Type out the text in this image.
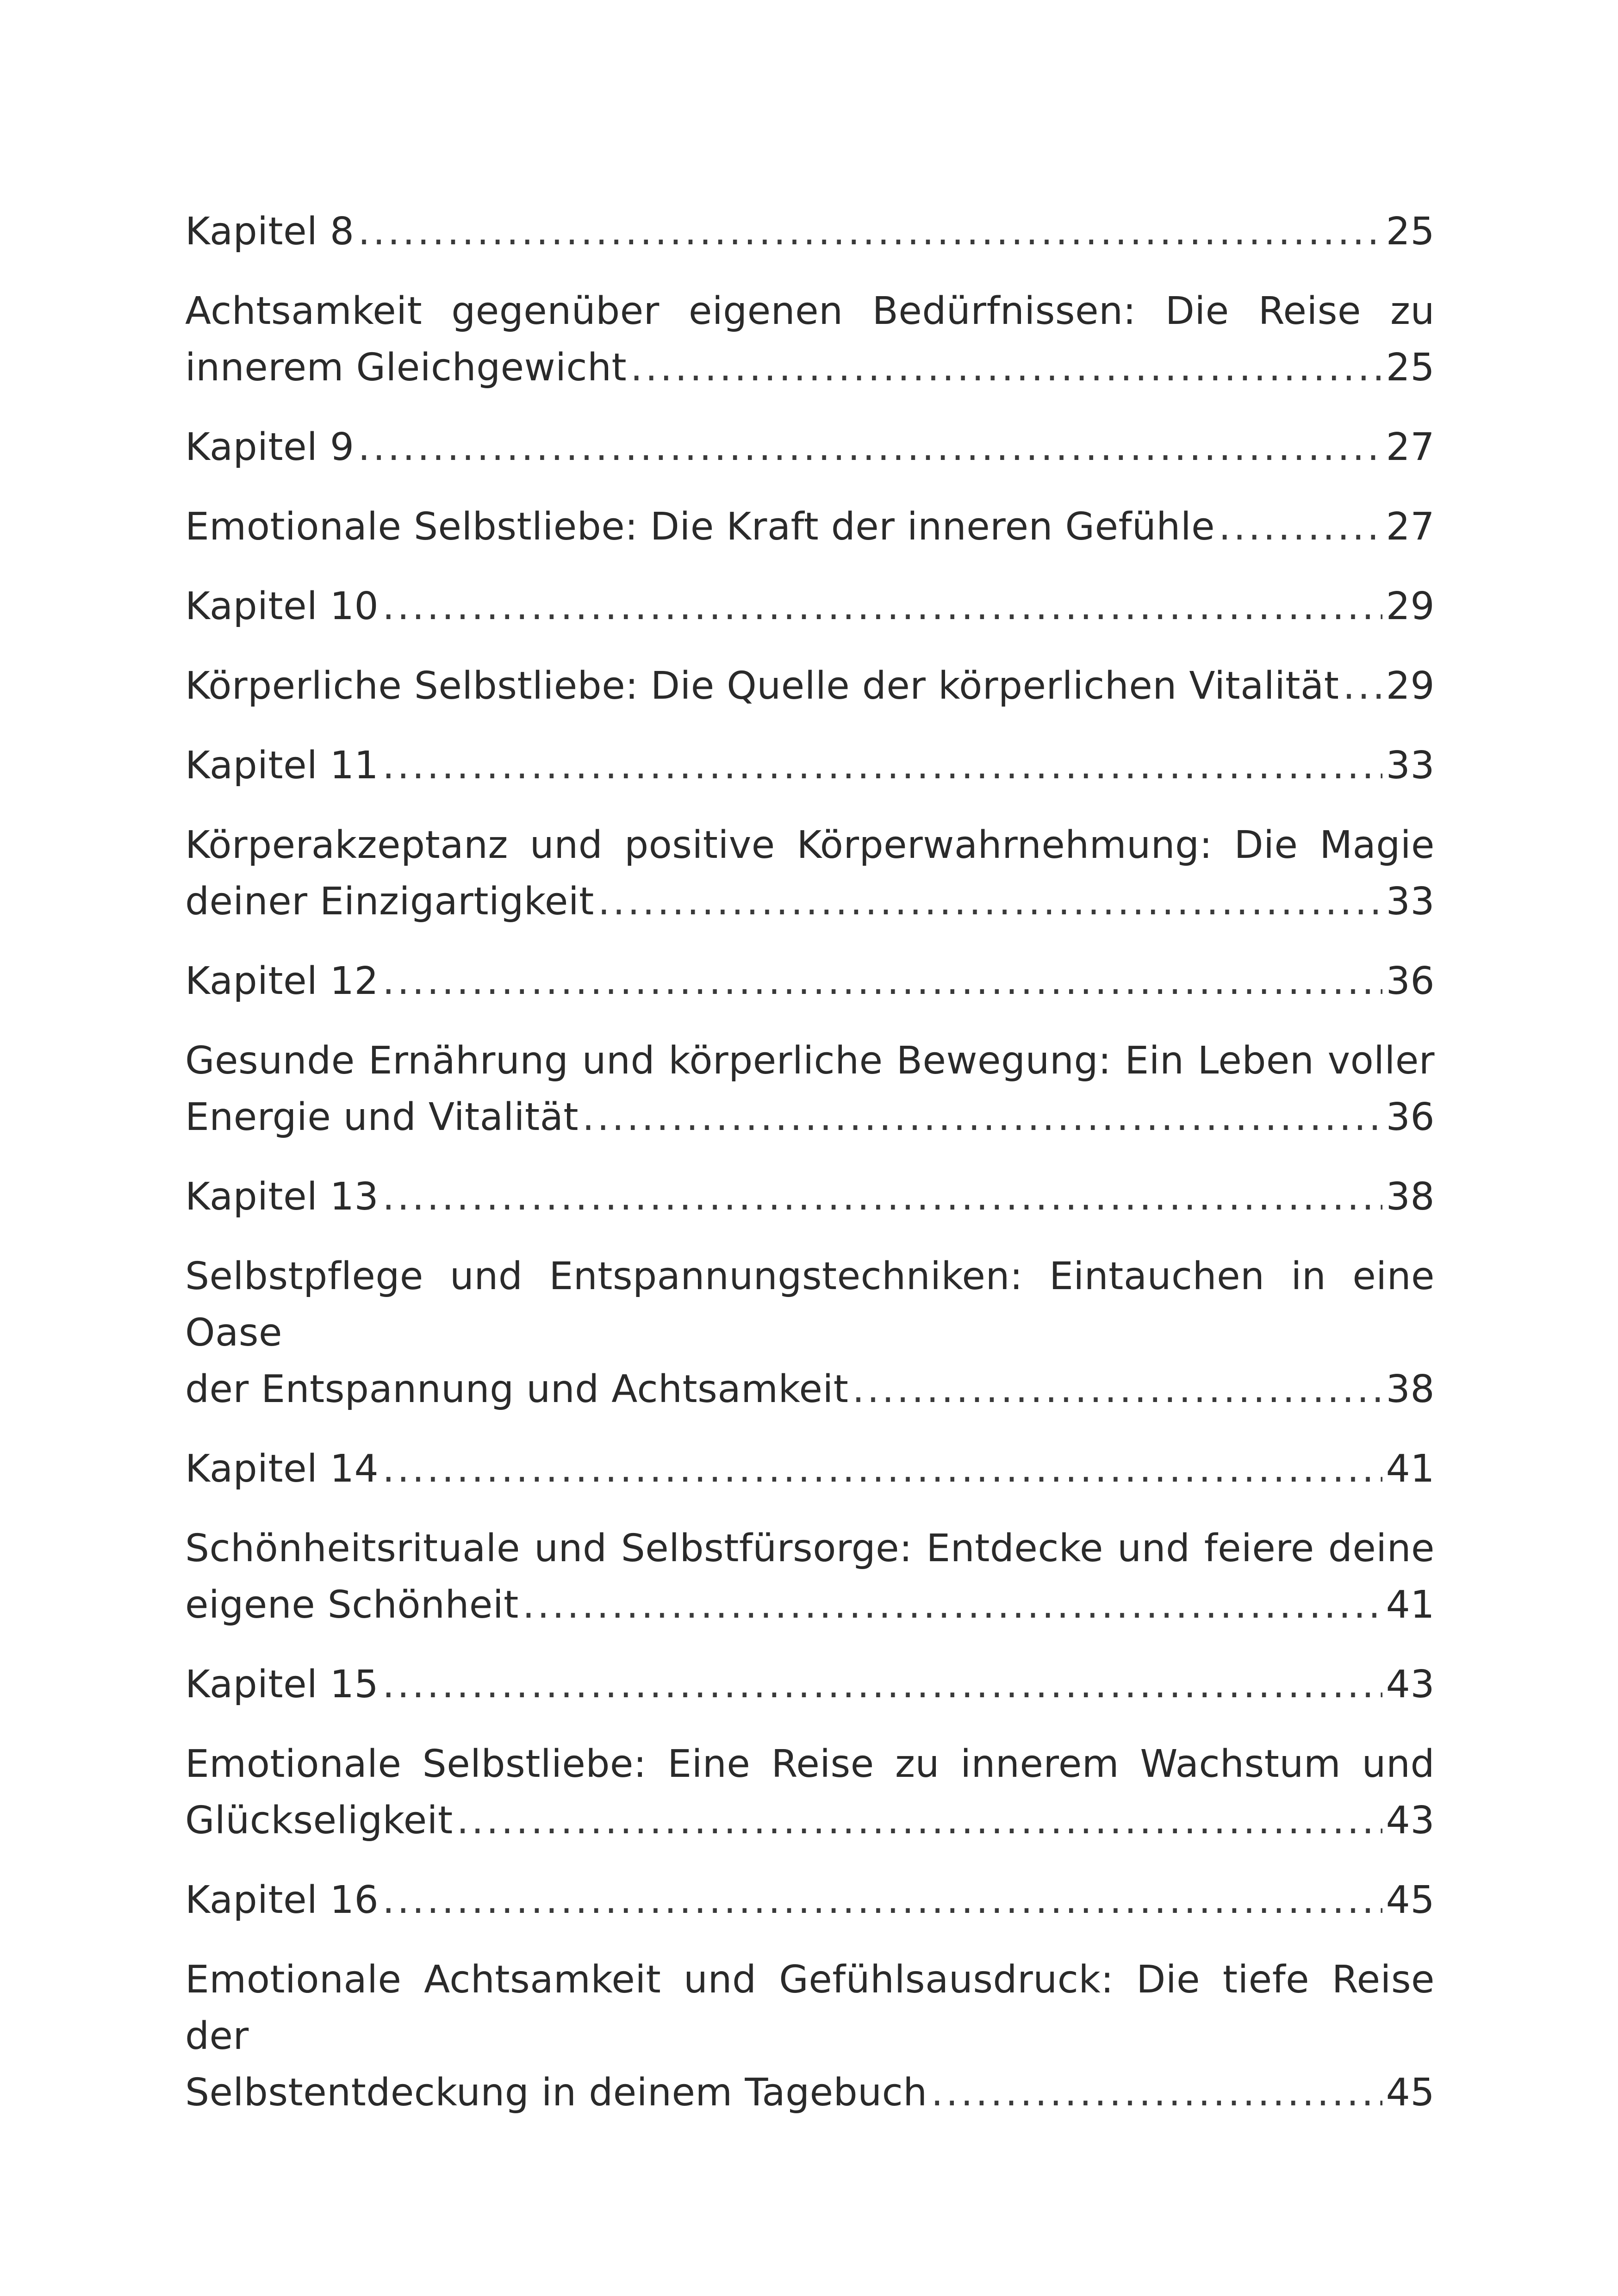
Kapitel 8 .....	25
Achtsamkeit gegenüber eigenen Bedürfnissen: Die Reise zu
innerem Gleichgewicht .....	25
Kapitel 9 .....	27
Emotionale Selbstliebe: Die Kraft der inneren Gefühle .....	27
Kapitel 10 .....	29
Körperliche Selbstliebe: Die Quelle der körperlichen Vitalität ..... 29
Kapitel 11 .....	33
Körperakzeptanz und positive Körperwahrnehmung: Die Magie
deiner Einzigartigkeit .....	33
Kapitel 12 .....	36
Gesunde Ernährung und körperliche Bewegung: Ein Leben voller
Energie und Vitalität .....	36
Kapitel 13 .....	38
Selbstpflege und Entspannungstechniken: Eintauchen in eine Oase
der Entspannung und Achtsamkeit .....	38
Kapitel 14 .....	41
Schönheitsrituale und Selbstfürsorge: Entdecke und feiere deine
eigene Schönheit .....	41
Kapitel 15 .....	43
Emotionale Selbstliebe: Eine Reise zu innerem Wachstum und
Glückseligkeit .....	43
Kapitel 16 .....	45
Emotionale Achtsamkeit und Gefühlsausdruck: Die tiefe Reise der
Selbstentdeckung in deinem Tagebuch .....	45
